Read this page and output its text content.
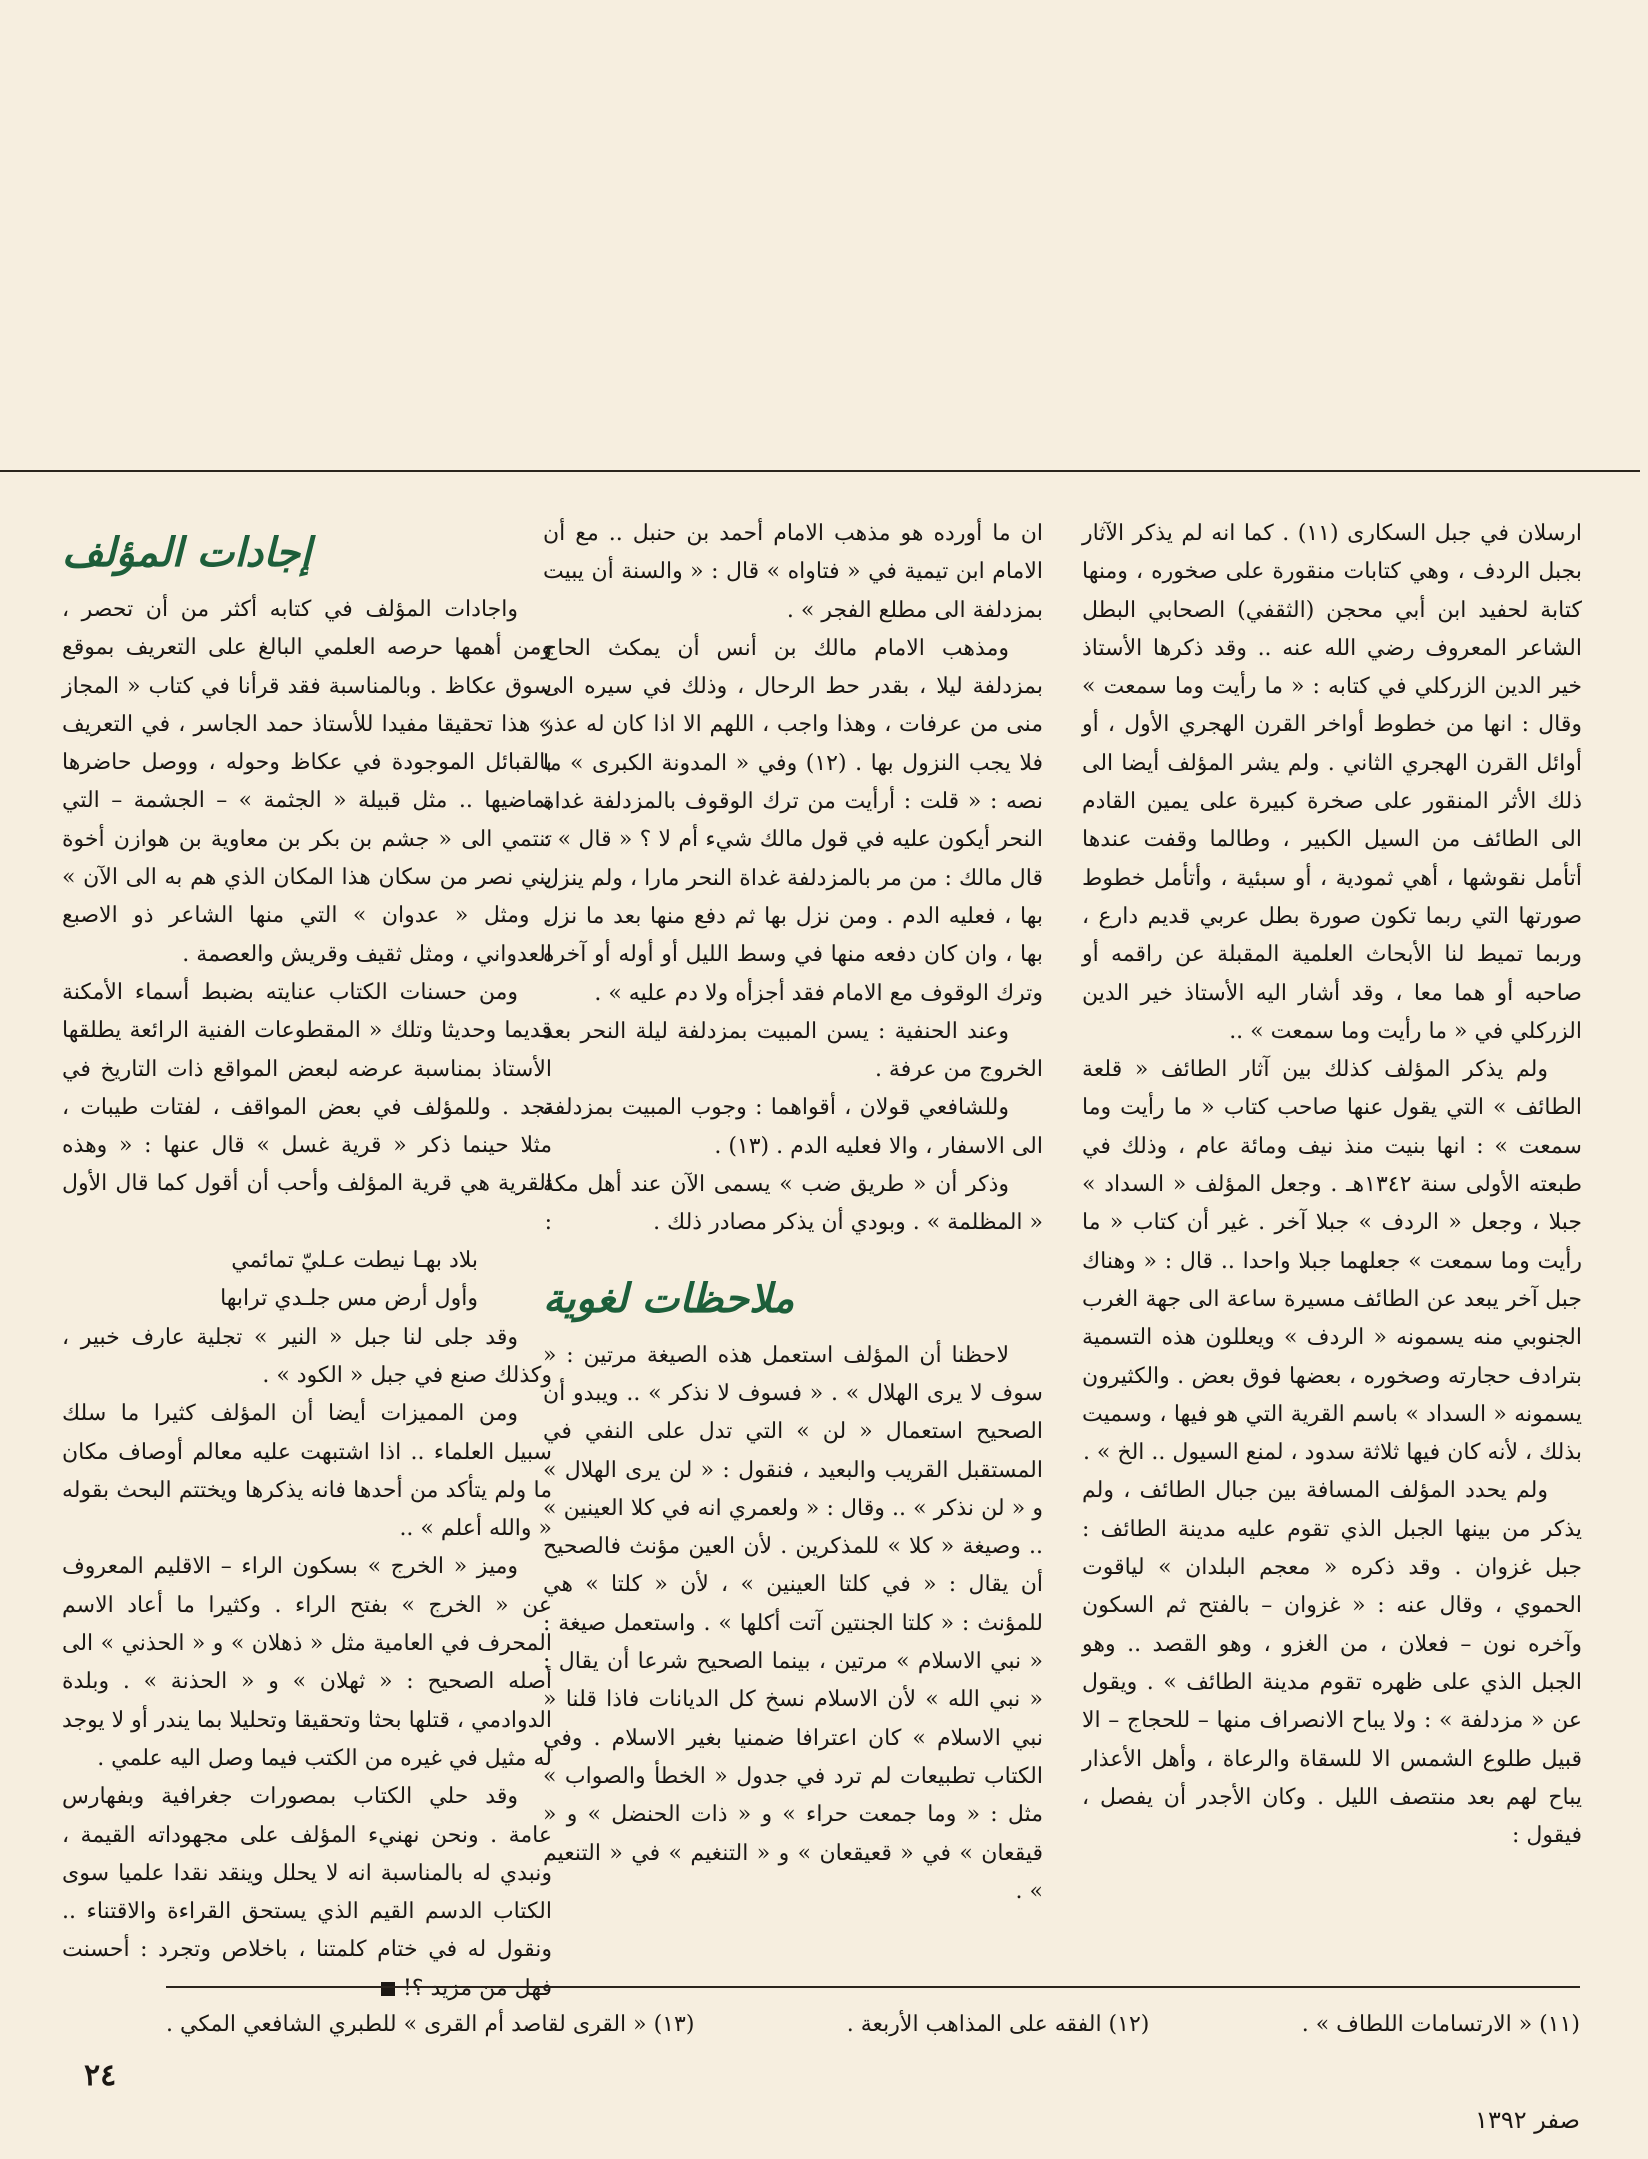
ارسلان في جبل السكارى (١١) . كما انه لم يذكر الآثار بجبل الردف ، وهي كتابات منقورة على صخوره ، ومنها كتابة لحفيد ابن أبي محجن (الثقفي) الصحابي البطل الشاعر المعروف رضي الله عنه .. وقد ذكرها الأستاذ خير الدين الزركلي في كتابه : « ما رأيت وما سمعت » وقال : انها من خطوط أواخر القرن الهجري الأول ، أو أوائل القرن الهجري الثاني . ولم يشر المؤلف أيضا الى ذلك الأثر المنقور على صخرة كبيرة على يمين القادم الى الطائف من السيل الكبير ، وطالما وقفت عندها أتأمل نقوشها ، أهي ثمودية ، أو سبئية ، وأتأمل خطوط صورتها التي ربما تكون صورة بطل عربي قديم دارع ، وربما تميط لنا الأبحاث العلمية المقبلة عن راقمه أو صاحبه أو هما معا ، وقد أشار اليه الأستاذ خير الدين الزركلي في « ما رأيت وما سمعت » ..

ولم يذكر المؤلف كذلك بين آثار الطائف « قلعة الطائف » التي يقول عنها صاحب كتاب « ما رأيت وما سمعت » : انها بنيت منذ نيف ومائة عام ، وذلك في طبعته الأولى سنة ١٣٤٢هـ . وجعل المؤلف « السداد » جبلا ، وجعل « الردف » جبلا آخر . غير أن كتاب « ما رأيت وما سمعت » جعلهما جبلا واحدا .. قال : « وهناك جبل آخر يبعد عن الطائف مسيرة ساعة الى جهة الغرب الجنوبي منه يسمونه « الردف » ويعللون هذه التسمية بترادف حجارته وصخوره ، بعضها فوق بعض . والكثيرون يسمونه « السداد » باسم القرية التي هو فيها ، وسميت بذلك ، لأنه كان فيها ثلاثة سدود ، لمنع السيول .. الخ » .

ولم يحدد المؤلف المسافة بين جبال الطائف ، ولم يذكر من بينها الجبل الذي تقوم عليه مدينة الطائف : جبل غزوان . وقد ذكره « معجم البلدان » لياقوت الحموي ، وقال عنه : « غزوان – بالفتح ثم السكون وآخره نون – فعلان ، من الغزو ، وهو القصد .. وهو الجبل الذي على ظهره تقوم مدينة الطائف » . ويقول عن « مزدلفة » : ولا يباح الانصراف منها – للحجاج – الا قبيل طلوع الشمس الا للسقاة والرعاة ، وأهل الأعذار يباح لهم بعد منتصف الليل . وكان الأجدر أن يفصل ، فيقول :

ان ما أورده هو مذهب الامام أحمد بن حنبل .. مع أن الامام ابن تيمية في « فتاواه » قال : « والسنة أن يبيت بمزدلفة الى مطلع الفجر » .

ومذهب الامام مالك بن أنس أن يمكث الحاج بمزدلفة ليلا ، بقدر حط الرحال ، وذلك في سيره الى منى من عرفات ، وهذا واجب ، اللهم الا اذا كان له عذر فلا يجب النزول بها . (١٢) وفي « المدونة الكبرى » ما نصه : « قلت : أرأيت من ترك الوقوف بالمزدلفة غداة النحر أيكون عليه في قول مالك شيء أم لا ؟ « قال » : قال مالك : من مر بالمزدلفة غداة النحر مارا ، ولم ينزل بها ، فعليه الدم . ومن نزل بها ثم دفع منها بعد ما نزل بها ، وان كان دفعه منها في وسط الليل أو أوله أو آخره وترك الوقوف مع الامام فقد أجزأه ولا دم عليه » .

وعند الحنفية : يسن المبيت بمزدلفة ليلة النحر بعد الخروج من عرفة .

وللشافعي قولان ، أقواهما : وجوب المبيت بمزدلفة الى الاسفار ، والا فعليه الدم . (١٣) .

وذكر أن « طريق ضب » يسمى الآن عند أهل مكة « المظلمة » . وبودي أن يذكر مصادر ذلك .

ملاحظات لغوية

لاحظنا أن المؤلف استعمل هذه الصيغة مرتين : « سوف لا يرى الهلال » . « فسوف لا نذكر » .. ويبدو أن الصحيح استعمال « لن » التي تدل على النفي في المستقبل القريب والبعيد ، فنقول : « لن يرى الهلال » و « لن نذكر » .. وقال : « ولعمري انه في كلا العينين » .. وصيغة « كلا » للمذكرين . لأن العين مؤنث فالصحيح أن يقال : « في كلتا العينين » ، لأن « كلتا » هي للمؤنث : « كلتا الجنتين آتت أكلها » . واستعمل صيغة : « نبي الاسلام » مرتين ، بينما الصحيح شرعا أن يقال : « نبي الله » لأن الاسلام نسخ كل الديانات فاذا قلنا « نبي الاسلام » كان اعترافا ضمنيا بغير الاسلام . وفي الكتاب تطبيعات لم ترد في جدول « الخطأ والصواب » مثل : « وما جمعت حراء » و « ذات الحنضل » و « قيقعان » في « قعيقعان » و « التنغيم » في « التنعيم » .

إجادات المؤلف

واجادات المؤلف في كتابه أكثر من أن تحصر ، ومن أهمها حرصه العلمي البالغ على التعريف بموقع سوق عكاظ . وبالمناسبة فقد قرأنا في كتاب « المجاز » هذا تحقيقا مفيدا للأستاذ حمد الجاسر ، في التعريف بالقبائل الموجودة في عكاظ وحوله ، ووصل حاضرها بماضيها .. مثل قبيلة « الجثمة » – الجشمة – التي تنتمي الى « جشم بن بكر بن معاوية بن هوازن أخوة بني نصر من سكان هذا المكان الذي هم به الى الآن » . ومثل « عدوان » التي منها الشاعر ذو الاصبع العدواني ، ومثل ثقيف وقريش والعصمة .

ومن حسنات الكتاب عنايته بضبط أسماء الأمكنة قديما وحديثا وتلك « المقطوعات الفنية الرائعة يطلقها الأستاذ بمناسبة عرضه لبعض المواقع ذات التاريخ في نجد . وللمؤلف في بعض المواقف ، لفتات طيبات ، مثلا حينما ذكر « قرية غسل » قال عنها : « وهذه القرية هي قرية المؤلف وأحب أن أقول كما قال الأول :

بلاد بهـا نيطت عـليّ تمائمي

وأول أرض مس جلـدي ترابها

وقد جلى لنا جبل « النير » تجلية عارف خبير ، وكذلك صنع في جبل « الكود » .

ومن المميزات أيضا أن المؤلف كثيرا ما سلك سبيل العلماء .. اذا اشتبهت عليه معالم أوصاف مكان ما ولم يتأكد من أحدها فانه يذكرها ويختتم البحث بقوله « والله أعلم » ..

وميز « الخرج » بسكون الراء – الاقليم المعروف عن « الخرج » بفتح الراء . وكثيرا ما أعاد الاسم المحرف في العامية مثل « ذهلان » و « الحذني » الى أصله الصحيح : « ثهلان » و « الحذنة » . وبلدة الدوادمي ، قتلها بحثا وتحقيقا وتحليلا بما يندر أو لا يوجد له مثيل في غيره من الكتب فيما وصل اليه علمي .

وقد حلي الكتاب بمصورات جغرافية وبفهارس عامة . ونحن نهنيء المؤلف على مجهوداته القيمة ، ونبدي له بالمناسبة انه لا يحلل وينقد نقدا علميا سوى الكتاب الدسم القيم الذي يستحق القراءة والاقتناء .. ونقول له في ختام كلمتنا ، باخلاص وتجرد : أحسنت فهل من مزيد ؟!

(١١) « الارتسامات اللطاف » .
(١٢) الفقه على المذاهب الأربعة .
(١٣) « القرى لقاصد أم القرى » للطبري الشافعي المكي .
٢٤
صفر ١٣٩٢
